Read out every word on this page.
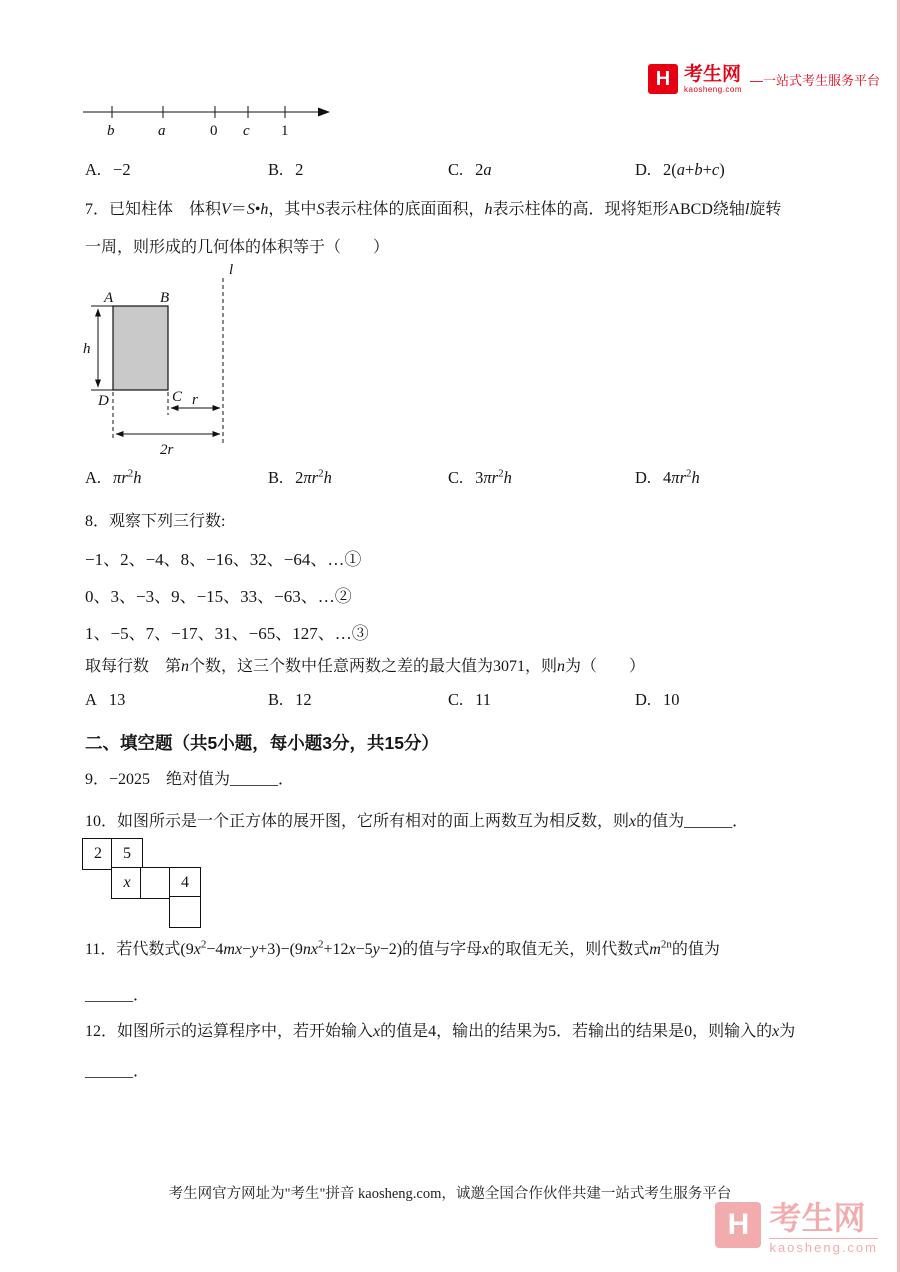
H 考生网
kaosheng.com
—一站式考生服务平台
b	a	0 c 1
A. −2	B. 2	C. 2a	D. 2(a+b+c)
7．已知柱体　体积V＝S•h，其中S表示柱体的底面面积，h表示柱体的高．现将矩形ABCD绕轴l旋转
一周，则形成的几何体的体积等于（　　）
l
A	B
D	C
h
r
2r
A. $\pi r^2h$	B. $2\pi r^2h$	C. $3\pi r^2h$	D. $4\pi r^2h$
8．观察下列三行数:
−1、2、−4、8、−16、32、−64、…①
0、3、−3、9、−15、33、−63、…②
1、−5、7、−17、31、−65、127、…③
取每行数　第n个数，这三个数中任意两数之差的最大值为3071，则n为（　　）
A 13	B. 12	C. 11	D. 10
二、填空题（共5小题，每小题3分，共15分）
9．−2025　绝对值为______．
10．如图所示是一个正方体的展开图，它所有相对的面上两数互为相反数，则x的值为______．
2	5
x	4
11．若代数式$(9x^2-4mx-y+3)-(9nx^2+12x-5y-2)$的值与字母x的取值无关，则代数式$m^{2n}$的值为
______．
12．如图所示的运算程序中，若开始输入x的值是4，输出的结果为5．若输出的结果是0，则输入的x为
______．
考生网官方网址为"考生"拼音 kaosheng.com，诚邀全国合作伙伴共建一站式考生服务平台
H 考生网
kaosheng.com
